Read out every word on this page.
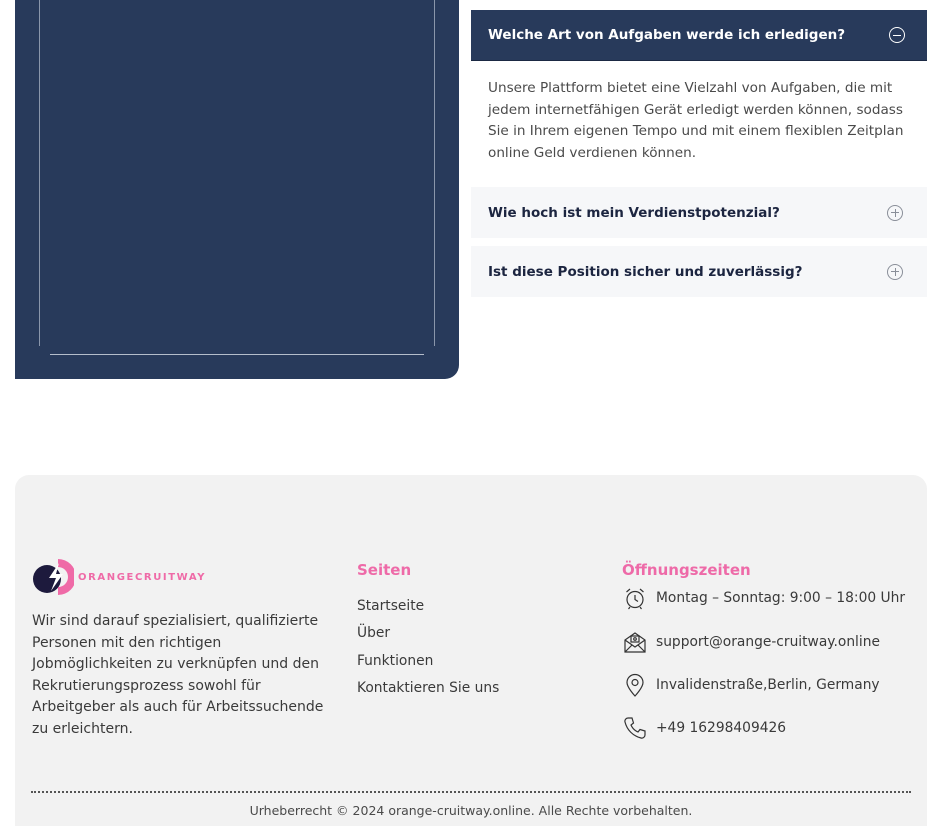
Welche Art von Aufgaben werde ich erledigen?
Unsere Plattform bietet eine Vielzahl von Aufgaben, die mit jedem internetfähigen Gerät erledigt werden können, sodass Sie in Ihrem eigenen Tempo und mit einem flexiblen Zeitplan online Geld verdienen können.
Wie hoch ist mein Verdienstpotenzial?
Ist diese Position sicher und zuverlässig?
ORANGECRUITWAY

Wir sind darauf spezialisiert, qualifizierte Personen mit den richtigen Jobmöglichkeiten zu verknüpfen und den Rekrutierungsprozess sowohl für Arbeitgeber als auch für Arbeitssuchende zu erleichtern.

Seiten
Startseite
Über
Funktionen
Kontaktieren Sie uns
Öffnungszeiten
Montag – Sonntag: 9:00 – 18:00 Uhr
support@orange-cruitway.online
Invalidenstraße,Berlin, Germany
+49 16298409426
Urheberrecht © 2024 orange-cruitway.online. Alle Rechte vorbehalten.
